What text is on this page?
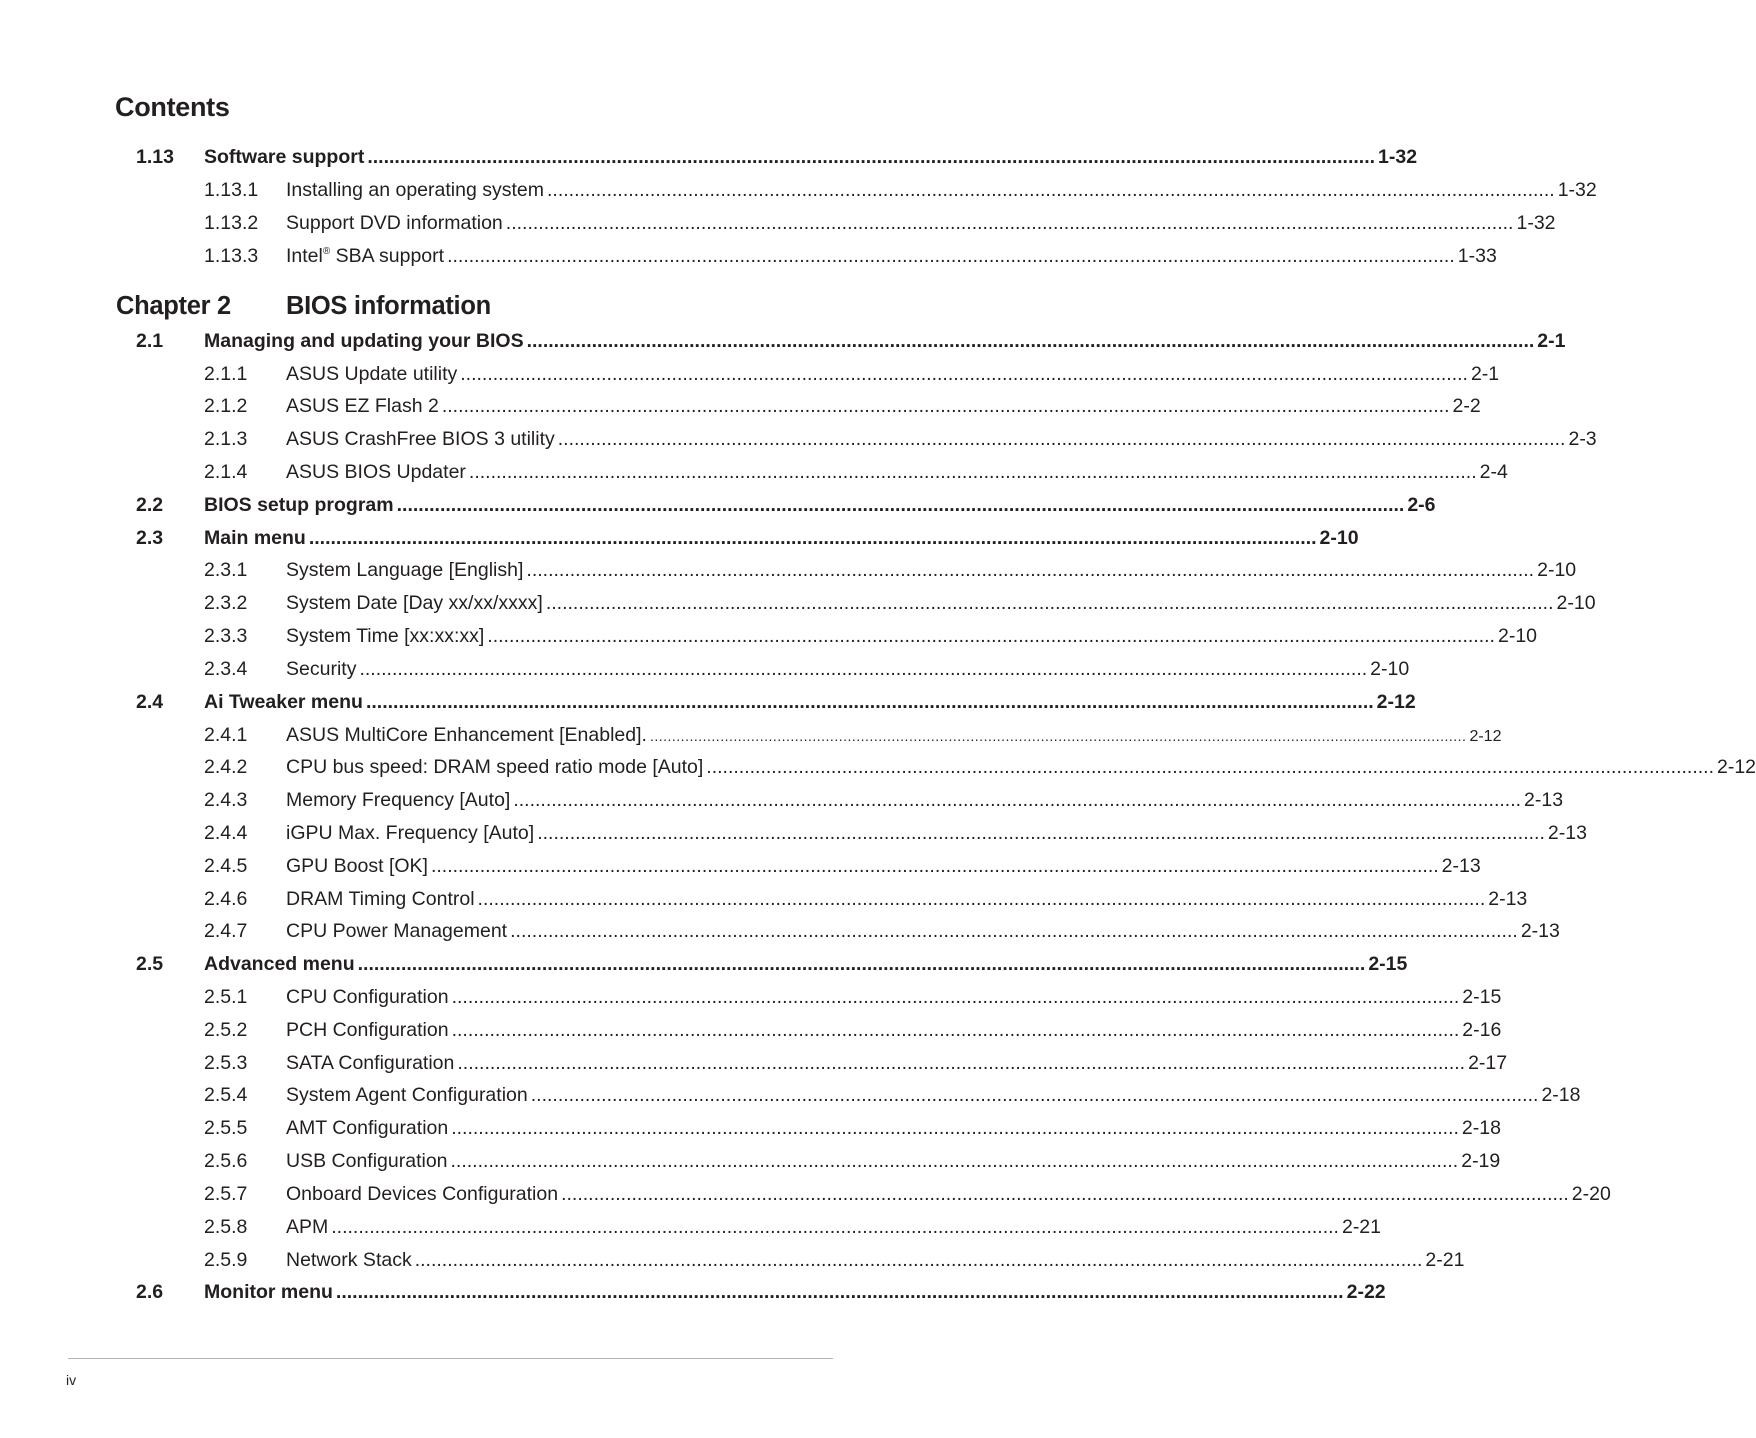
Contents
1.13 Software support .......................................................................................................................................................................................... 1-32
1.13.1 Installing an operating system .......................................................................................................................................................................................... 1-32
1.13.2 Support DVD information .......................................................................................................................................................................................... 1-32
1.13.3 Intel® SBA support .......................................................................................................................................................................................... 1-33
Chapter 2 BIOS information
2.1 Managing and updating your BIOS .......................................................................................................................................................................................... 2-1
2.1.1 ASUS Update utility .......................................................................................................................................................................................... 2-1
2.1.2 ASUS EZ Flash 2 .......................................................................................................................................................................................... 2-2
2.1.3 ASUS CrashFree BIOS 3 utility .......................................................................................................................................................................................... 2-3
2.1.4 ASUS BIOS Updater .......................................................................................................................................................................................... 2-4
2.2 BIOS setup program .......................................................................................................................................................................................... 2-6
2.3 Main menu .......................................................................................................................................................................................... 2-10
2.3.1 System Language [English] .......................................................................................................................................................................................... 2-10
2.3.2 System Date [Day xx/xx/xxxx] .......................................................................................................................................................................................... 2-10
2.3.3 System Time [xx:xx:xx] .......................................................................................................................................................................................... 2-10
2.3.4 Security .......................................................................................................................................................................................... 2-10
2.4 Ai Tweaker menu .......................................................................................................................................................................................... 2-12
2.4.1 ASUS MultiCore Enhancement [Enabled]. .......................................................................................................................................................................................... 2-12
2.4.2 CPU bus speed: DRAM speed ratio mode [Auto] .......................................................................................................................................................................................... 2-12
2.4.3 Memory Frequency [Auto] .......................................................................................................................................................................................... 2-13
2.4.4 iGPU Max. Frequency [Auto] .......................................................................................................................................................................................... 2-13
2.4.5 GPU Boost [OK] .......................................................................................................................................................................................... 2-13
2.4.6 DRAM Timing Control .......................................................................................................................................................................................... 2-13
2.4.7 CPU Power Management .......................................................................................................................................................................................... 2-13
2.5 Advanced menu .......................................................................................................................................................................................... 2-15
2.5.1 CPU Configuration .......................................................................................................................................................................................... 2-15
2.5.2 PCH Configuration .......................................................................................................................................................................................... 2-16
2.5.3 SATA Configuration .......................................................................................................................................................................................... 2-17
2.5.4 System Agent Configuration .......................................................................................................................................................................................... 2-18
2.5.5 AMT Configuration .......................................................................................................................................................................................... 2-18
2.5.6 USB Configuration .......................................................................................................................................................................................... 2-19
2.5.7 Onboard Devices Configuration .......................................................................................................................................................................................... 2-20
2.5.8 APM .......................................................................................................................................................................................... 2-21
2.5.9 Network Stack .......................................................................................................................................................................................... 2-21
2.6 Monitor menu .......................................................................................................................................................................................... 2-22
iv
